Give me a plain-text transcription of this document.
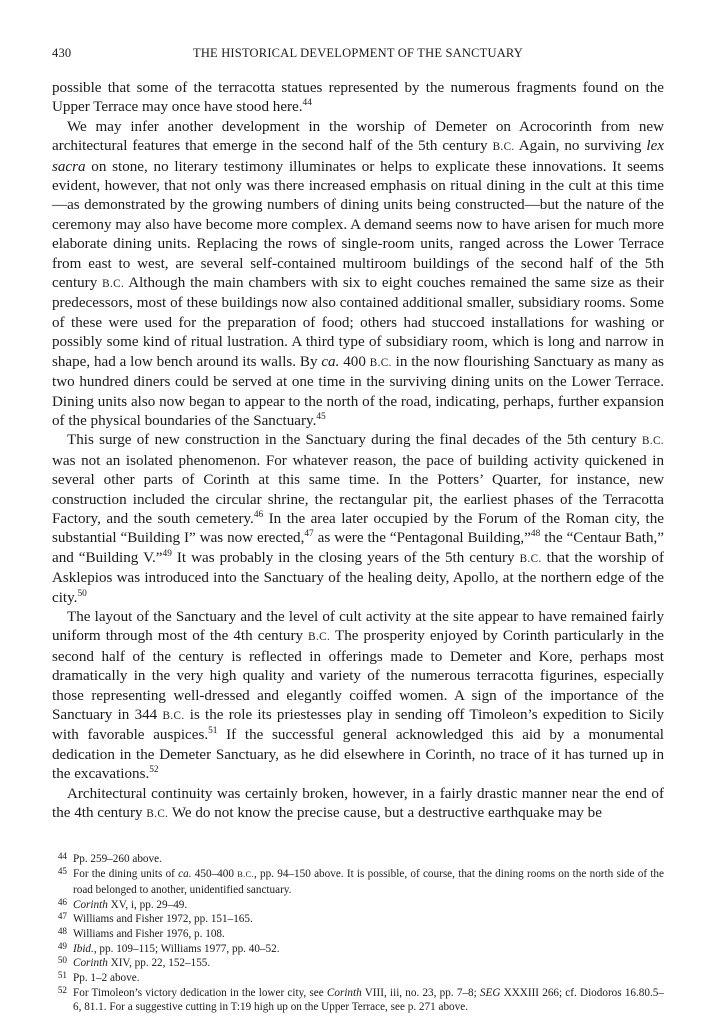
430	THE HISTORICAL DEVELOPMENT OF THE SANCTUARY

possible that some of the terracotta statues represented by the numerous fragments found on the Upper Terrace may once have stood here.$^{44}$

We may infer another development in the worship of Demeter on Acrocorinth from new architectural features that emerge in the second half of the 5th century B.C. Again, no surviving lex sacra on stone, no literary testimony illuminates or helps to explicate these innovations. It seems evident, however, that not only was there increased emphasis on ritual dining in the cult at this time—as demonstrated by the growing numbers of dining units being constructed—but the nature of the ceremony may also have become more complex. A demand seems now to have arisen for much more elaborate dining units. Replacing the rows of single-room units, ranged across the Lower Terrace from east to west, are several self-contained multiroom buildings of the second half of the 5th century B.C. Although the main chambers with six to eight couches remained the same size as their predecessors, most of these buildings now also contained additional smaller, subsidiary rooms. Some of these were used for the preparation of food; others had stuccoed installations for washing or possibly some kind of ritual lustration. A third type of subsidiary room, which is long and narrow in shape, had a low bench around its walls. By ca. 400 B.C. in the now flourishing Sanctuary as many as two hundred diners could be served at one time in the surviving dining units on the Lower Terrace. Dining units also now began to appear to the north of the road, indicating, perhaps, further expansion of the physical boundaries of the Sanctuary.$^{45}$

This surge of new construction in the Sanctuary during the final decades of the 5th century B.C. was not an isolated phenomenon. For whatever reason, the pace of building activity quickened in several other parts of Corinth at this same time. In the Potters’ Quarter, for instance, new construction included the circular shrine, the rectangular pit, the earliest phases of the Terracotta Factory, and the south cemetery.$^{46}$ In the area later occupied by the Forum of the Roman city, the substantial “Building I” was now erected,$^{47}$ as were the “Pentagonal Building,”$^{48}$ the “Centaur Bath,” and “Building V.”$^{49}$ It was probably in the closing years of the 5th century B.C. that the worship of Asklepios was introduced into the Sanctuary of the healing deity, Apollo, at the northern edge of the city.$^{50}$

The layout of the Sanctuary and the level of cult activity at the site appear to have remained fairly uniform through most of the 4th century B.C. The prosperity enjoyed by Corinth particularly in the second half of the century is reflected in offerings made to Demeter and Kore, perhaps most dramatically in the very high quality and variety of the numerous terracotta figurines, especially those representing well-dressed and elegantly coiffed women. A sign of the importance of the Sanctuary in 344 B.C. is the role its priestesses play in sending off Timoleon’s expedition to Sicily with favorable auspices.$^{51}$ If the successful general acknowledged this aid by a monumental dedication in the Demeter Sanctuary, as he did elsewhere in Corinth, no trace of it has turned up in the excavations.$^{52}$

Architectural continuity was certainly broken, however, in a fairly drastic manner near the end of the 4th century B.C. We do not know the precise cause, but a destructive earthquake may be

44 Pp. 259–260 above.
45 For the dining units of ca. 450–400 B.C., pp. 94–150 above. It is possible, of course, that the dining rooms on the north side of the road belonged to another, unidentified sanctuary.
46 Corinth XV, i, pp. 29–49.
47 Williams and Fisher 1972, pp. 151–165.
48 Williams and Fisher 1976, p. 108.
49 Ibid., pp. 109–115; Williams 1977, pp. 40–52.
50 Corinth XIV, pp. 22, 152–155.
51 Pp. 1–2 above.
52 For Timoleon’s victory dedication in the lower city, see Corinth VIII, iii, no. 23, pp. 7–8; SEG XXXIII 266; cf. Diodoros 16.80.5–6, 81.1. For a suggestive cutting in T:19 high up on the Upper Terrace, see p. 271 above.
